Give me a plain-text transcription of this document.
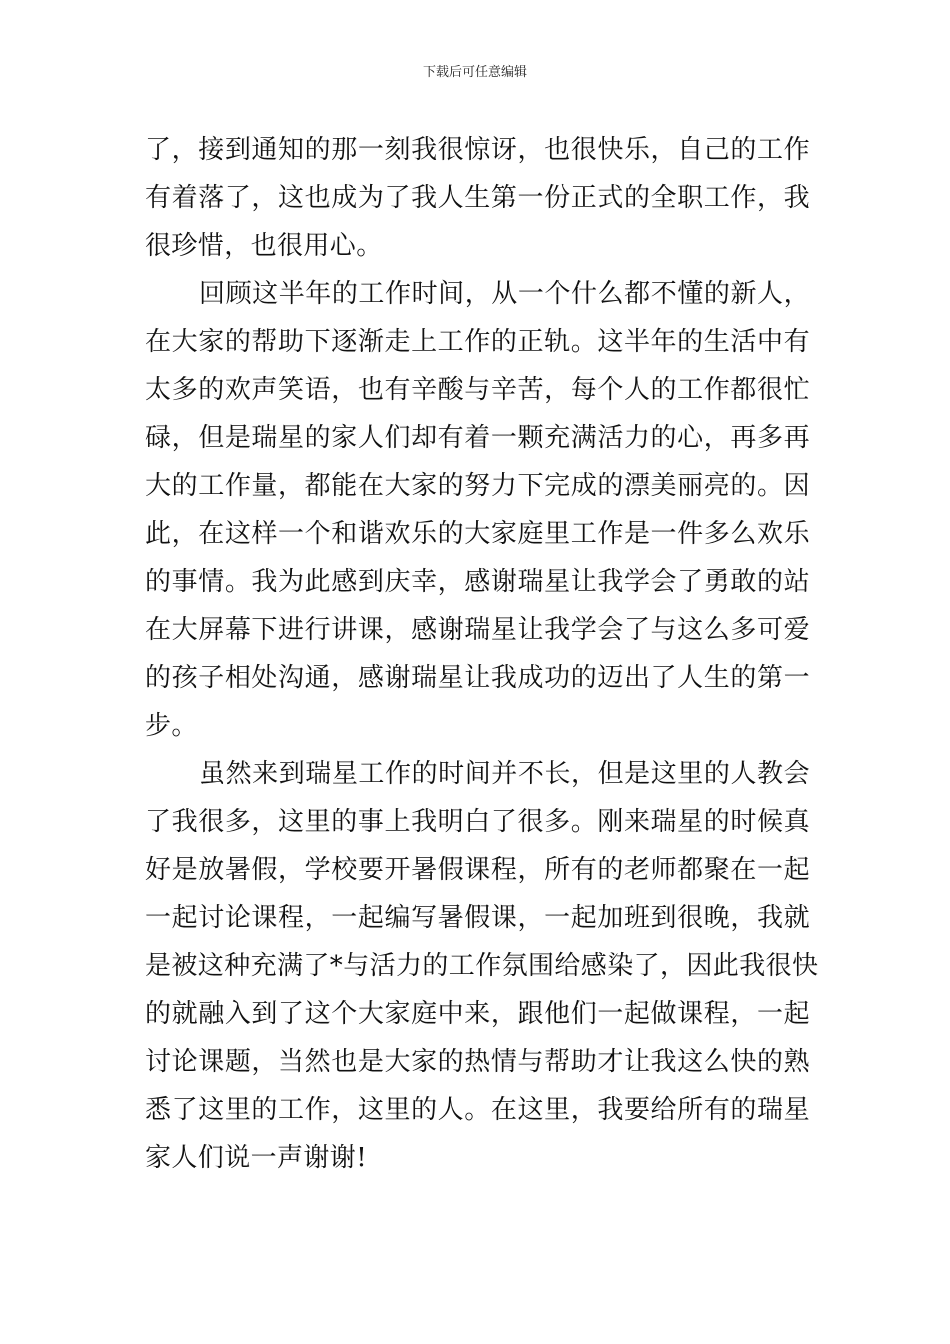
下载后可任意编辑
了，接到通知的那一刻我很惊讶，也很快乐，自己的工作
有着落了，这也成为了我人生第一份正式的全职工作，我
很珍惜，也很用心。
回顾这半年的工作时间，从一个什么都不懂的新人，
在大家的帮助下逐渐走上工作的正轨。这半年的生活中有
太多的欢声笑语，也有辛酸与辛苦，每个人的工作都很忙
碌，但是瑞星的家人们却有着一颗充满活力的心，再多再
大的工作量，都能在大家的努力下完成的漂美丽亮的。因
此，在这样一个和谐欢乐的大家庭里工作是一件多么欢乐
的事情。我为此感到庆幸，感谢瑞星让我学会了勇敢的站
在大屏幕下进行讲课，感谢瑞星让我学会了与这么多可爱
的孩子相处沟通，感谢瑞星让我成功的迈出了人生的第一
步。
虽然来到瑞星工作的时间并不长，但是这里的人教会
了我很多，这里的事上我明白了很多。刚来瑞星的时候真
好是放暑假，学校要开暑假课程，所有的老师都聚在一起
一起讨论课程，一起编写暑假课，一起加班到很晚，我就
是被这种充满了*与活力的工作氛围给感染了，因此我很快
的就融入到了这个大家庭中来，跟他们一起做课程，一起
讨论课题，当然也是大家的热情与帮助才让我这么快的熟
悉了这里的工作，这里的人。在这里，我要给所有的瑞星
家人们说一声谢谢!
